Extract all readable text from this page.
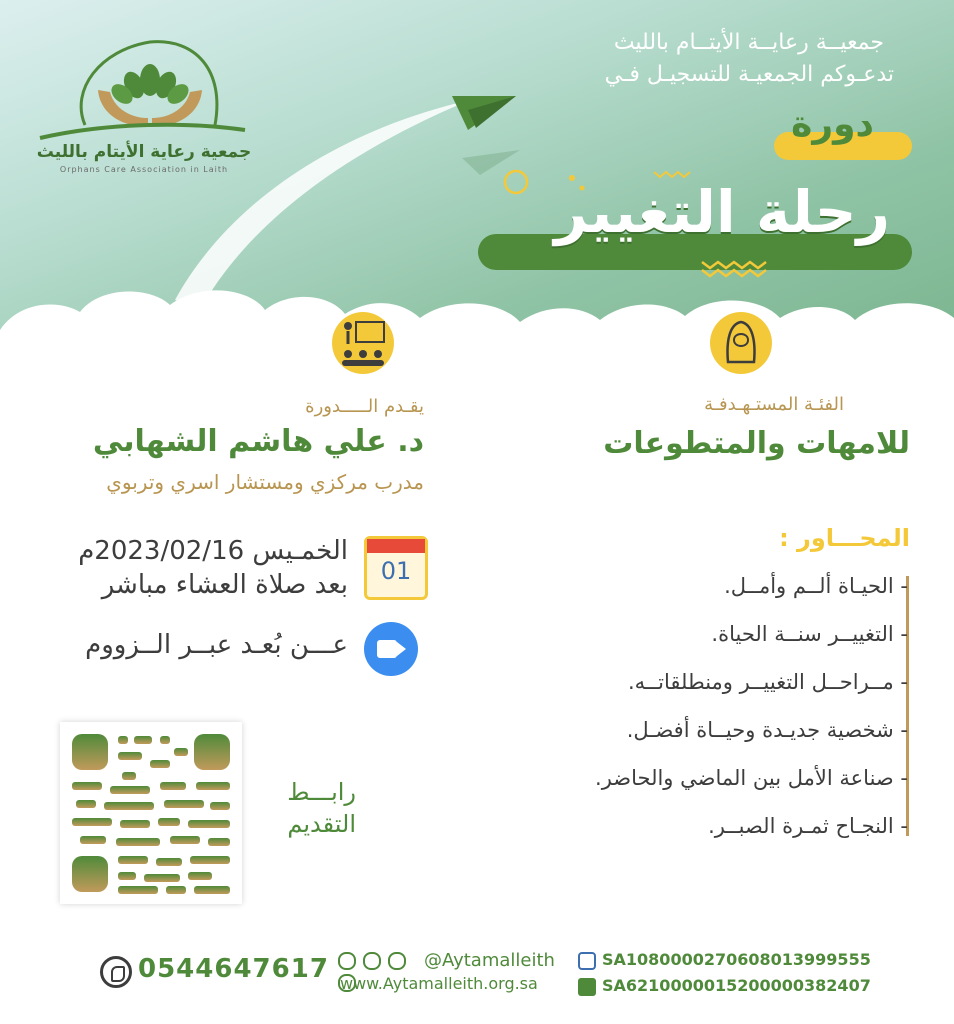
جمعية رعاية الأيتام بالليث
Orphans Care Association in Laith
جمعيــة رعايــة الأيتــام بالليث
تدعـوكم الجمعيـة للتسجيـل فـي
دورة
رحلة التغيير
الفئـة المستـهـدفـة
للامهات والمتطوعات
يقـدم الـــــدورة
د. علي هاشم الشهابي
مدرب مركزي ومستشار اسري وتربوي
01
الخمـيس 2023/02/16م
بعد صلاة العشاء مباشر
عـــن بُعـد عبــر الــزووم
المحـــاور :
- الحيـاة ألــم وأمــل.
- التغييــر سنــة الحياة.
- مــراحــل التغييــر ومنطلقاتــه.
- شخصية جديـدة وحيــاة أفضـل.
- صناعة الأمل بين الماضي والحاضر.
- النجـاح ثمـرة الصبــر.
رابـــط
التقديم
0544647617
	Aytamalleith@
www.Aytamalleith.org.sa
SA1080000270608013999555
SA6210000015200000382407
